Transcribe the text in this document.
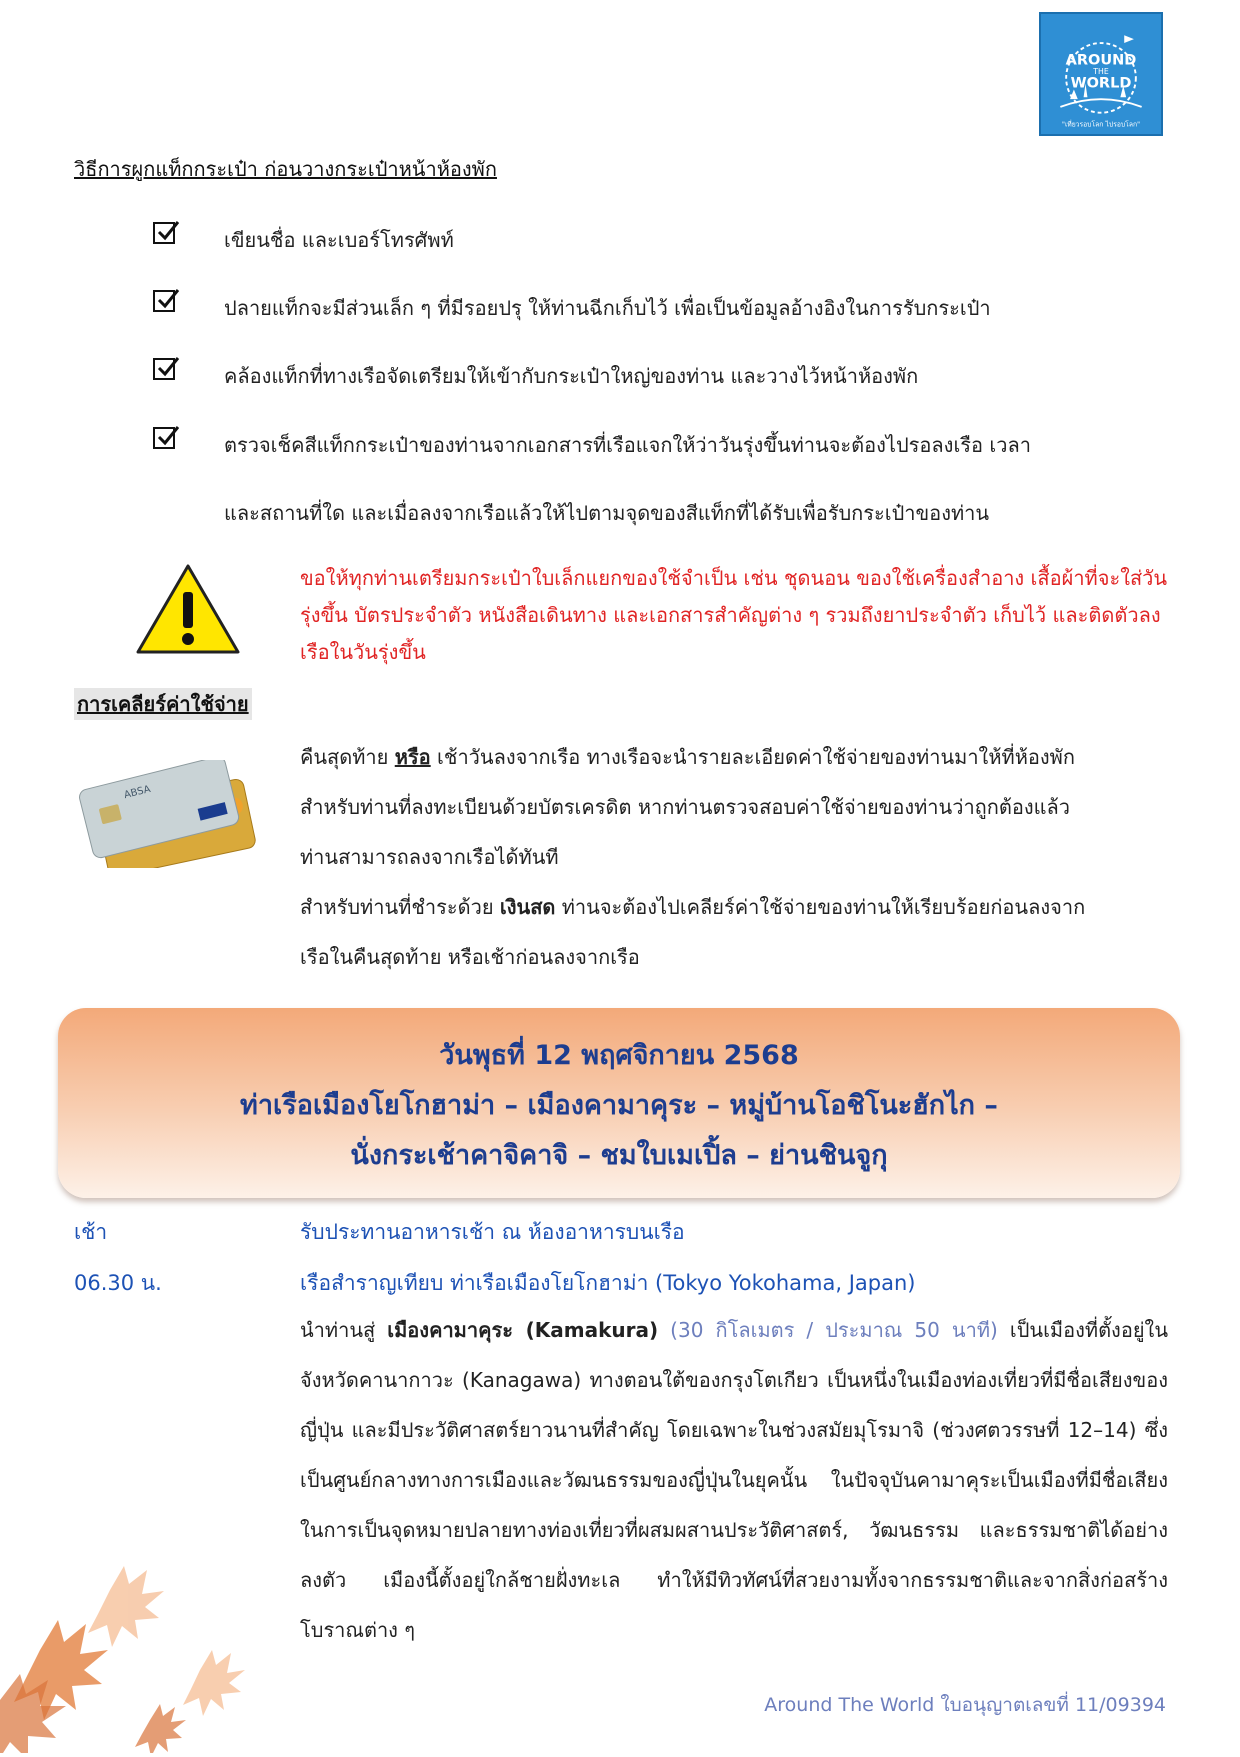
AROUND
THE
WORLD
"เที่ยวรอบโลก ไปรอบโลก"
วิธีการผูกแท็กกระเป๋า ก่อนวางกระเป๋าหน้าห้องพัก
เขียนชื่อ และเบอร์โทรศัพท์
ปลายแท็กจะมีส่วนเล็ก ๆ ที่มีรอยปรุ ให้ท่านฉีกเก็บไว้ เพื่อเป็นข้อมูลอ้างอิงในการรับกระเป๋า
คล้องแท็กที่ทางเรือจัดเตรียมให้เข้ากับกระเป๋าใหญ่ของท่าน และวางไว้หน้าห้องพัก
ตรวจเช็คสีแท็กกระเป๋าของท่านจากเอกสารที่เรือแจกให้ว่าวันรุ่งขึ้นท่านจะต้องไปรอลงเรือ เวลา
และสถานที่ใด และเมื่อลงจากเรือแล้วให้ไปตามจุดของสีแท็กที่ได้รับเพื่อรับกระเป๋าของท่าน
ขอให้ทุกท่านเตรียมกระเป๋าใบเล็กแยกของใช้จำเป็น เช่น ชุดนอน ของใช้เครื่องสำอาง เสื้อผ้าที่จะใส่วันรุ่งขึ้น บัตรประจำตัว หนังสือเดินทาง และเอกสารสำคัญต่าง ๆ รวมถึงยาประจำตัว เก็บไว้ และติดตัวลงเรือในวันรุ่งขึ้น
การเคลียร์ค่าใช้จ่าย
ABSA
คืนสุดท้าย หรือ เช้าวันลงจากเรือ ทางเรือจะนำรายละเอียดค่าใช้จ่ายของท่านมาให้ที่ห้องพัก
สำหรับท่านที่ลงทะเบียนด้วยบัตรเครดิต หากท่านตรวจสอบค่าใช้จ่ายของท่านว่าถูกต้องแล้ว
ท่านสามารถลงจากเรือได้ทันที
สำหรับท่านที่ชำระด้วย เงินสด ท่านจะต้องไปเคลียร์ค่าใช้จ่ายของท่านให้เรียบร้อยก่อนลงจาก
เรือในคืนสุดท้าย หรือเช้าก่อนลงจากเรือ
วันพุธที่ 12 พฤศจิกายน 2568
ท่าเรือเมืองโยโกฮาม่า – เมืองคามาคุระ – หมู่บ้านโอชิโนะฮักไก –
นั่งกระเช้าคาจิคาจิ – ชมใบเมเปิ้ล – ย่านชินจูกุ
เช้า	รับประทานอาหารเช้า ณ ห้องอาหารบนเรือ
06.30 น.	เรือสำราญเทียบ ท่าเรือเมืองโยโกฮาม่า (Tokyo Yokohama, Japan)
นำท่านสู่ เมืองคามาคุระ (Kamakura) (30 กิโลเมตร / ประมาณ 50 นาที) เป็นเมืองที่ตั้งอยู่ในจังหวัดคานากาวะ (Kanagawa) ทางตอนใต้ของกรุงโตเกียว เป็นหนึ่งในเมืองท่องเที่ยวที่มีชื่อเสียงของญี่ปุ่น และมีประวัติศาสตร์ยาวนานที่สำคัญ โดยเฉพาะในช่วงสมัยมุโรมาจิ (ช่วงศตวรรษที่ 12–14) ซึ่งเป็นศูนย์กลางทางการเมืองและวัฒนธรรมของญี่ปุ่นในยุคนั้น ในปัจจุบันคามาคุระเป็นเมืองที่มีชื่อเสียงในการเป็นจุดหมายปลายทางท่องเที่ยวที่ผสมผสานประวัติศาสตร์, วัฒนธรรม และธรรมชาติได้อย่างลงตัว เมืองนี้ตั้งอยู่ใกล้ชายฝั่งทะเล ทำให้มีทิวทัศน์ที่สวยงามทั้งจากธรรมชาติและจากสิ่งก่อสร้างโบราณต่าง ๆ
Around The World ใบอนุญาตเลขที่ 11/09394
